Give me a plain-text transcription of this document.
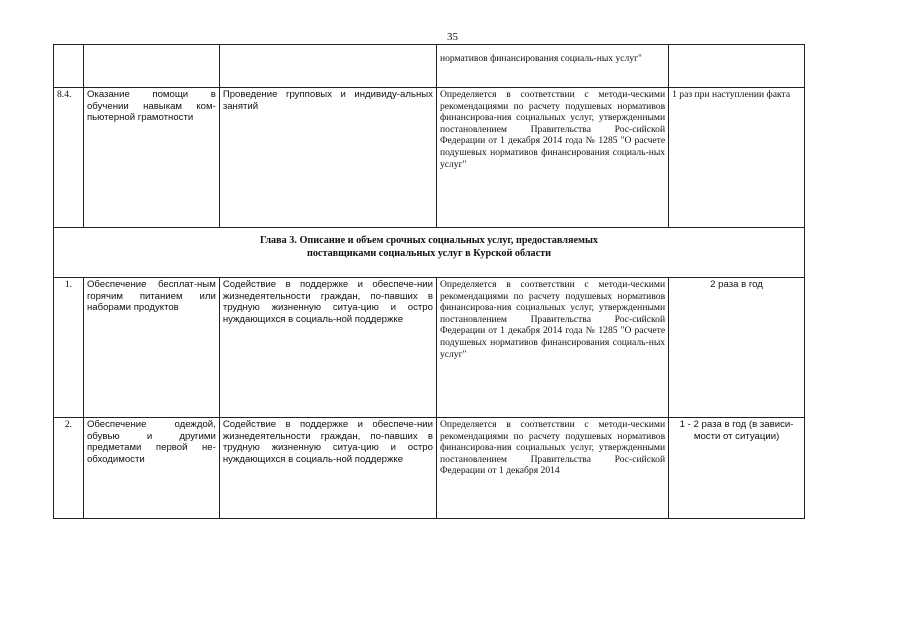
35
			нормативов финансирования социаль-ных услуг"	
8.4.	Оказание помощи в обучении навыкам ком-пьютерной грамотности	Проведение групповых и индивиду-альных занятий	Определяется в соответствии с методи-ческими рекомендациями по расчету подушевых нормативов финансирова-ния социальных услуг, утвержденными постановлением Правительства Рос-сийской Федерации от 1 декабря 2014 года № 1285 "О расчете подушевых нормативов финансирования социаль-ных услуг"	1 раз при наступлении факта

Глава 3. Описание и объем срочных социальных услуг, предоставляемых
поставщиками социальных услуг в Курской области				

1.	Обеспечение бесплат-ным горячим питанием или наборами продуктов	Содействие в поддержке и обеспече-нии жизнедеятельности граждан, по-павших в трудную жизненную ситуа-цию и остро нуждающихся в социаль-ной поддержке	Определяется в соответствии с методи-ческими рекомендациями по расчету подушевых нормативов финансирова-ния социальных услуг, утвержденными постановлением Правительства Рос-сийской Федерации от 1 декабря 2014 года № 1285 "О расчете подушевых нормативов финансирования социаль-ных услуг"	2 раза в год
2.	Обеспечение одеждой, обувью и другими предметами первой не-обходимости	Содействие в поддержке и обеспече-нии жизнедеятельности граждан, по-павших в трудную жизненную ситуа-цию и остро нуждающихся в социаль-ной поддержке	Определяется в соответствии с методи-ческими рекомендациями по расчету подушевых нормативов финансирова-ния социальных услуг, утвержденными постановлением Правительства Рос-сийской Федерации от 1 декабря 2014	1 - 2 раза в год (в зависи-мости от ситуации)
